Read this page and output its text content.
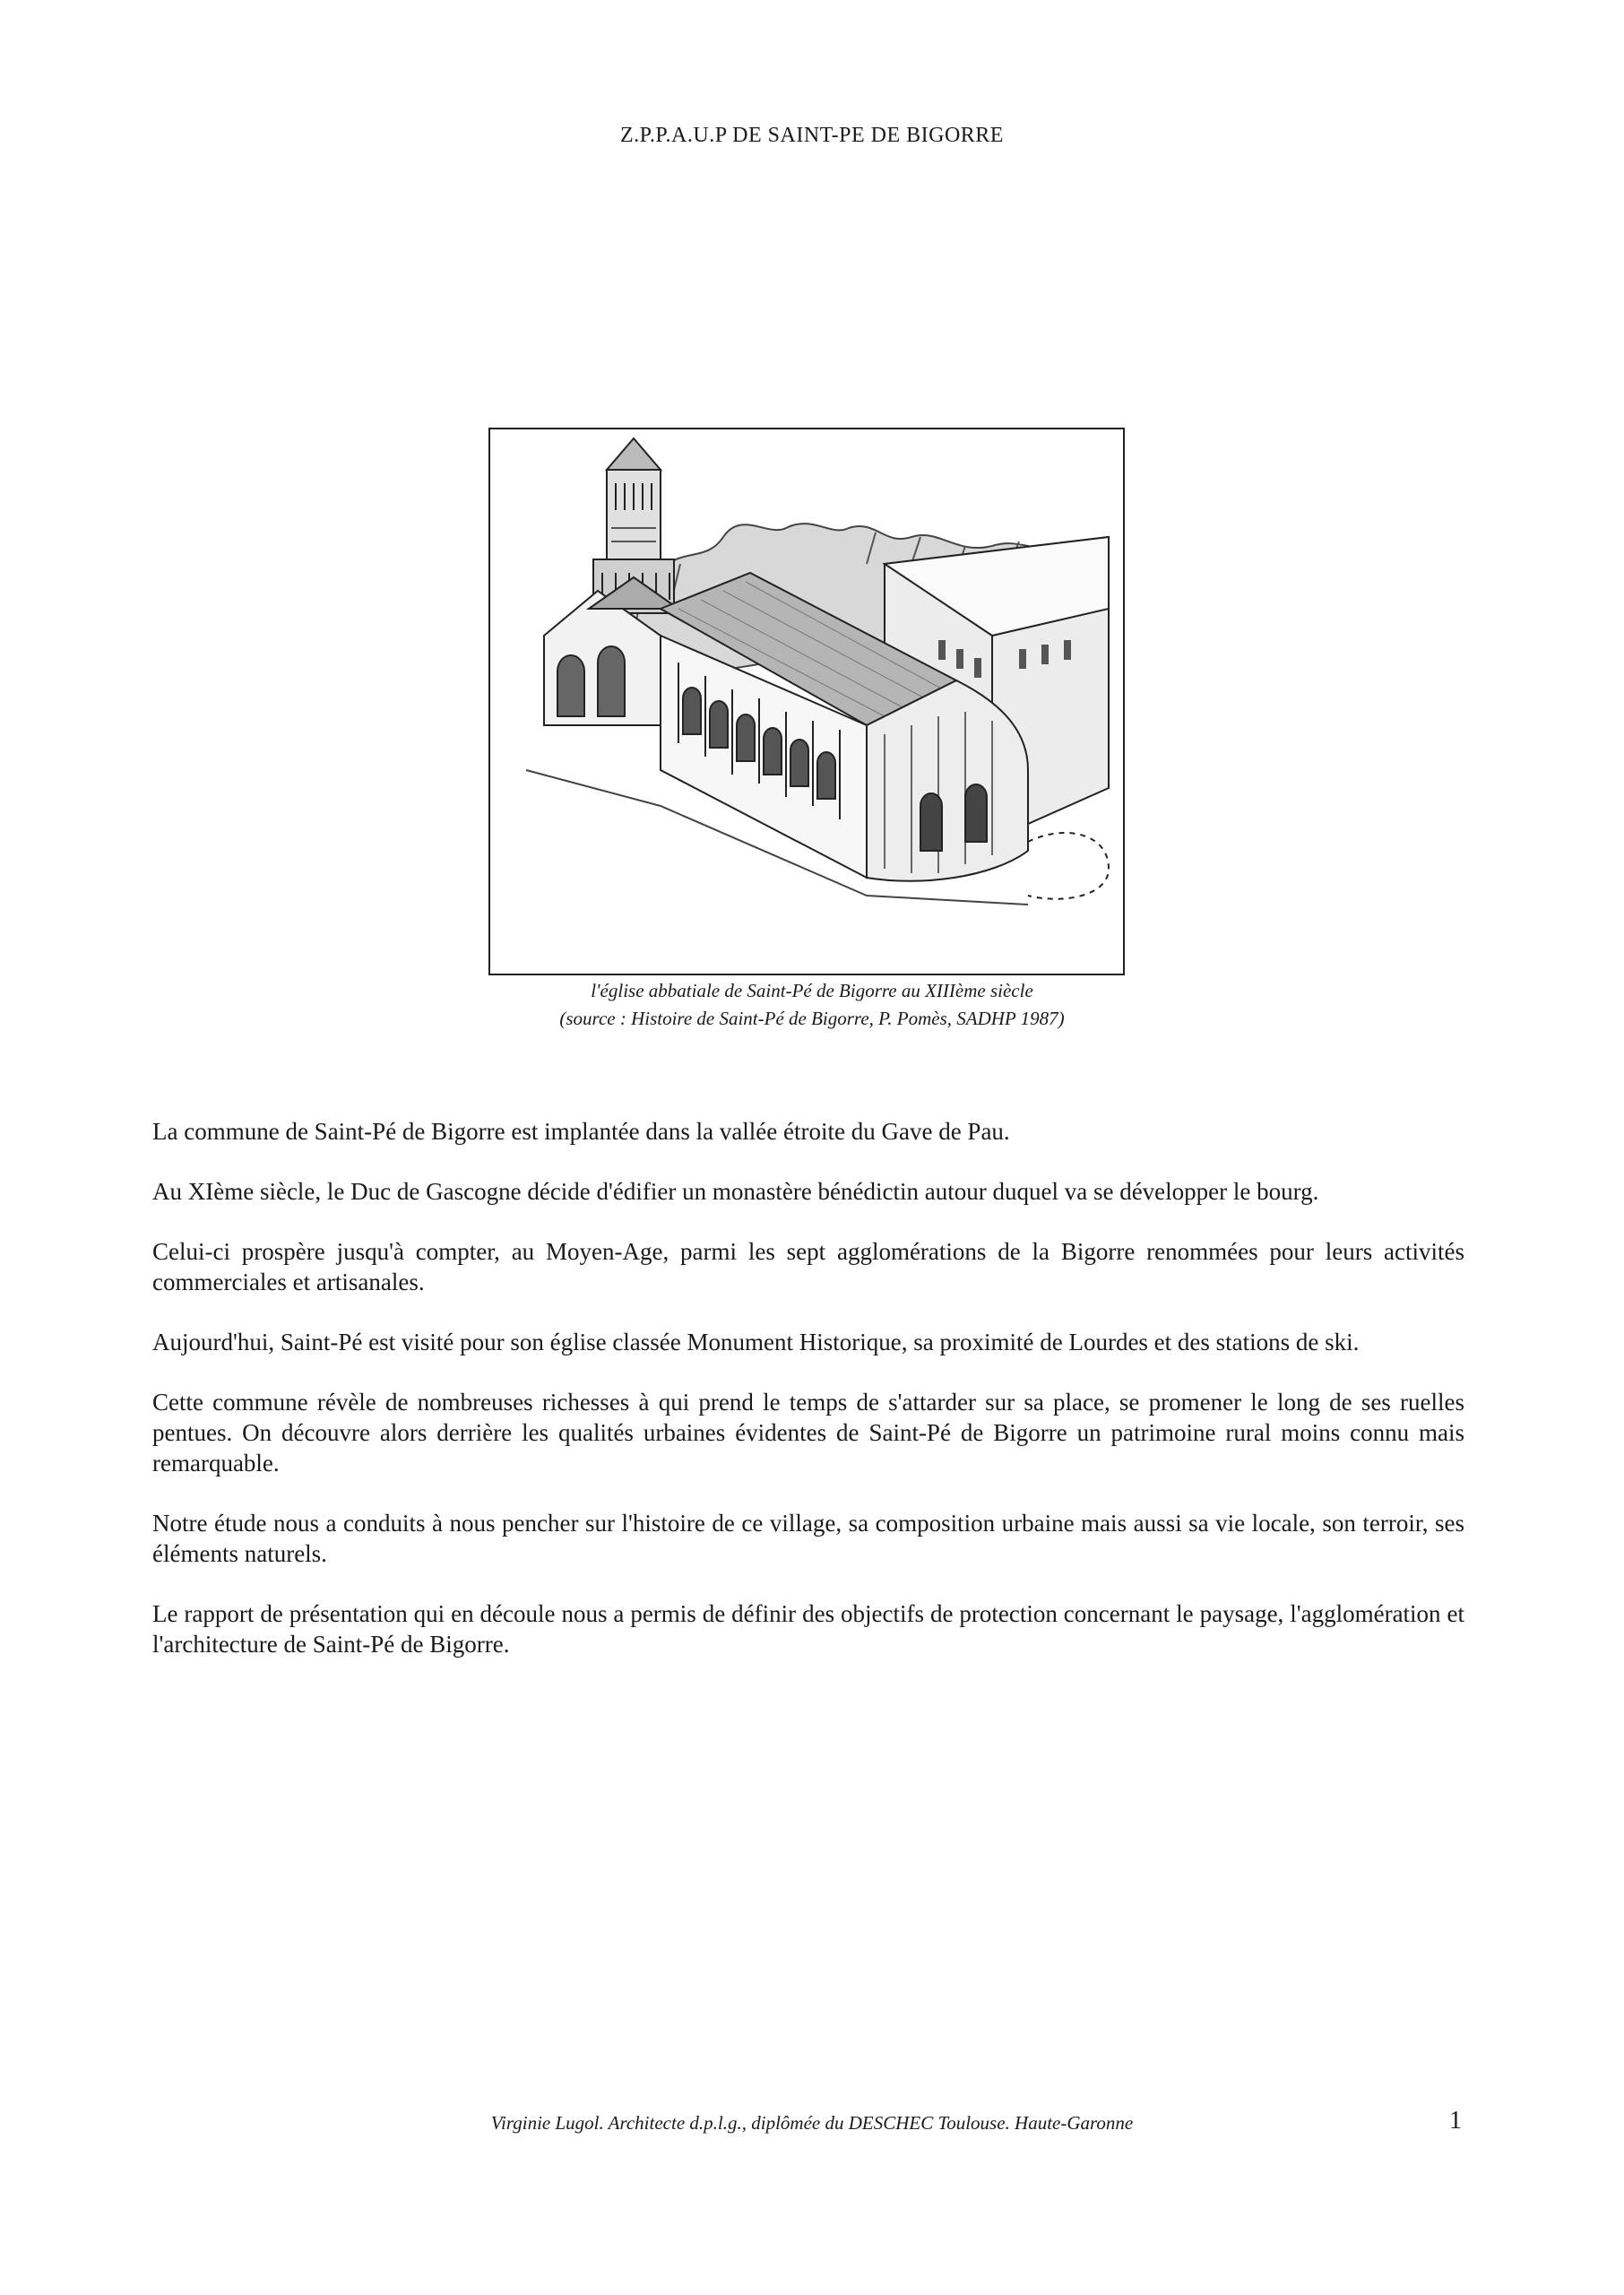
Z.P.P.A.U.P DE SAINT-PE DE BIGORRE
l'église abbatiale de Saint-Pé de Bigorre au XIIIème siècle
(source : Histoire de Saint-Pé de Bigorre, P. Pomès, SADHP 1987)

La commune de Saint-Pé de Bigorre est implantée dans la vallée étroite du Gave de Pau.

Au XIème siècle, le Duc de Gascogne décide d'édifier un monastère bénédictin autour duquel va se développer le bourg.

Celui-ci prospère jusqu'à compter, au Moyen-Age, parmi les sept agglomérations de la Bigorre renommées pour leurs activités commerciales et artisanales.

Aujourd'hui, Saint-Pé est visité pour son église classée Monument Historique, sa proximité de Lourdes et des stations de ski.

Cette commune révèle de nombreuses richesses à qui prend le temps de s'attarder sur sa place, se promener le long de ses ruelles pentues. On découvre alors derrière les qualités urbaines évidentes de Saint-Pé de Bigorre un patrimoine rural moins connu mais remarquable.

Notre étude nous a conduits à nous pencher sur l'histoire de ce village, sa composition urbaine mais aussi sa vie locale, son terroir, ses éléments naturels.

Le rapport de présentation qui en découle nous a permis de définir des objectifs de protection concernant le paysage, l'agglomération et l'architecture de Saint-Pé de Bigorre.

Virginie Lugol. Architecte d.p.l.g., diplômée du DESCHEC Toulouse. Haute-Garonne	1
